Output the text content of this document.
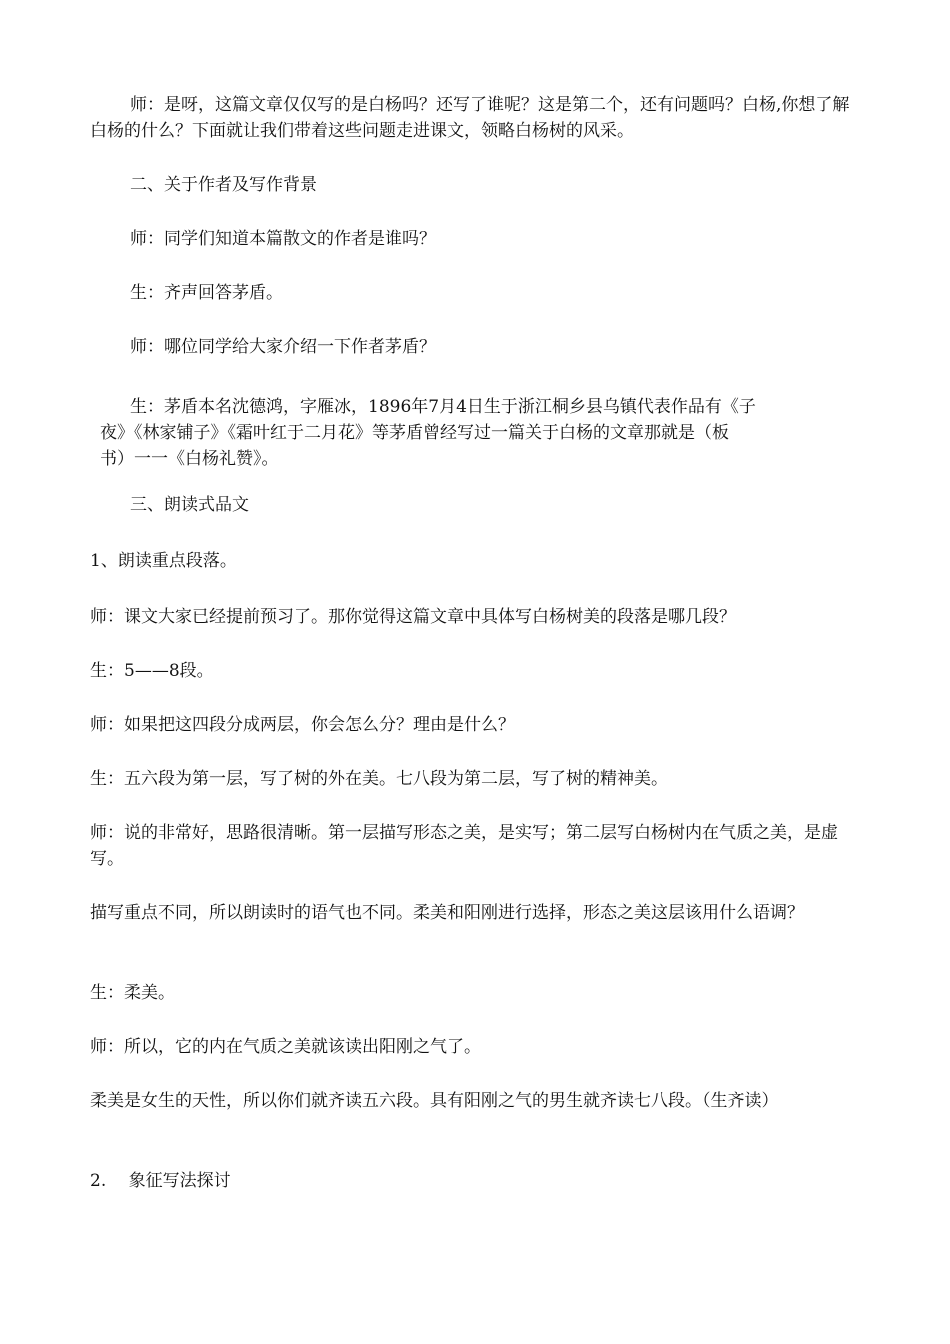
师：是呀，这篇文章仅仅写的是白杨吗？还写了谁呢？这是第二个，还有问题吗？白杨,你想了解白杨的什么？下面就让我们带着这些问题走进课文，领略白杨树的风采。
二、关于作者及写作背景
师：同学们知道本篇散文的作者是谁吗？
生：齐声回答茅盾。
师：哪位同学给大家介绍一下作者茅盾？
生：茅盾本名沈德鸿，字雁冰，1896年7月4日生于浙江桐乡县乌镇代表作品有《子
夜》《林家铺子》《霜叶红于二月花》等茅盾曾经写过一篇关于白杨的文章那就是（板
书）一一《白杨礼赞》。
三、朗读式品文
1、朗读重点段落。
师：课文大家已经提前预习了。那你觉得这篇文章中具体写白杨树美的段落是哪几段？
生：5——8段。
师：如果把这四段分成两层，你会怎么分？理由是什么？
生：五六段为第一层，写了树的外在美。七八段为第二层，写了树的精神美。
师：说的非常好，思路很清晰。第一层描写形态之美，是实写；第二层写白杨树内在气质之美，是虚写。
描写重点不同，所以朗读时的语气也不同。柔美和阳刚进行选择，形态之美这层该用什么语调？
生：柔美。
师：所以，它的内在气质之美就该读出阳刚之气了。
柔美是女生的天性，所以你们就齐读五六段。具有阳刚之气的男生就齐读七八段。（生齐读）
2.　 象征写法探讨
